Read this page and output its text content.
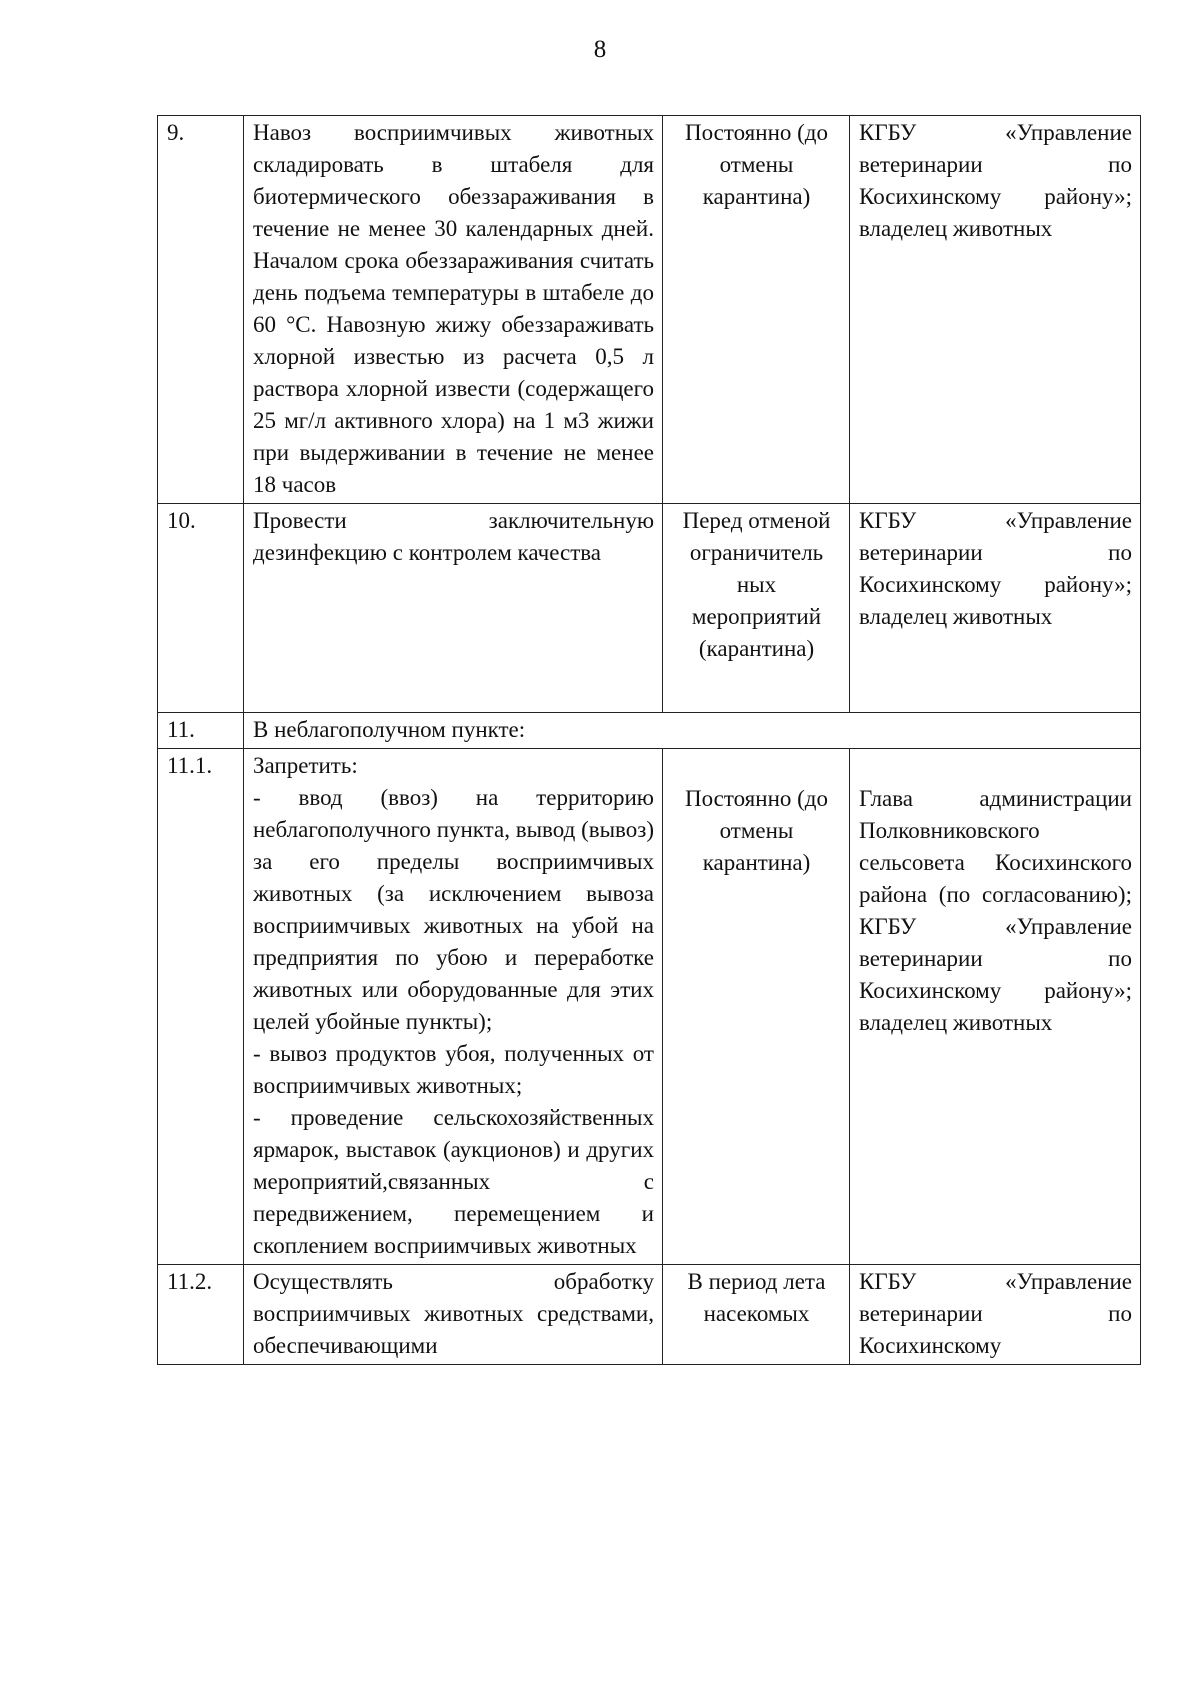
8
9.	Навоз восприимчивых животных складировать в штабеля для биотермического обеззараживания в течение не менее 30 календарных дней. Началом срока обеззараживания считать день подъема температуры в штабеле до 60 °С. Навозную жижу обеззараживать хлорной известью из расчета 0,5 л раствора хлорной извести (содержащего 25 мг/л активного хлора) на 1 м3 жижи при выдерживании в течение не менее 18 часов	Постоянно (до отмены карантина)	КГБУ «Управление ветеринарии по Косихинскому району»; владелец животных
10.	Провести заключительную дезинфекцию с контролем качества	Перед отменой ограничитель ных мероприятий (карантина)	КГБУ «Управление ветеринарии по Косихинскому району»; владелец животных
11.	В неблагополучном пункте:		
11.1.	Запретить:
- ввод (ввоз) на территорию неблагополучного пункта, вывод (вывоз) за его пределы восприимчивых животных (за исключением вывоза восприимчивых животных на убой на предприятия по убою и переработке животных или оборудованные для этих целей убойные пункты);
- вывоз продуктов убоя, полученных от восприимчивых животных;
- проведение сельскохозяйственных ярмарок, выставок (аукционов) и других мероприятий,связанных с передвижением, перемещением и скоплением восприимчивых животных	Постоянно (до отмены карантина)	Глава администрации Полковниковского сельсовета Косихинского района (по согласованию); КГБУ «Управление ветеринарии по Косихинскому району»; владелец животных
11.2.	Осуществлять обработку восприимчивых животных средствами, обеспечивающими	В период лета насекомых	КГБУ «Управление ветеринарии по Косихинскому
